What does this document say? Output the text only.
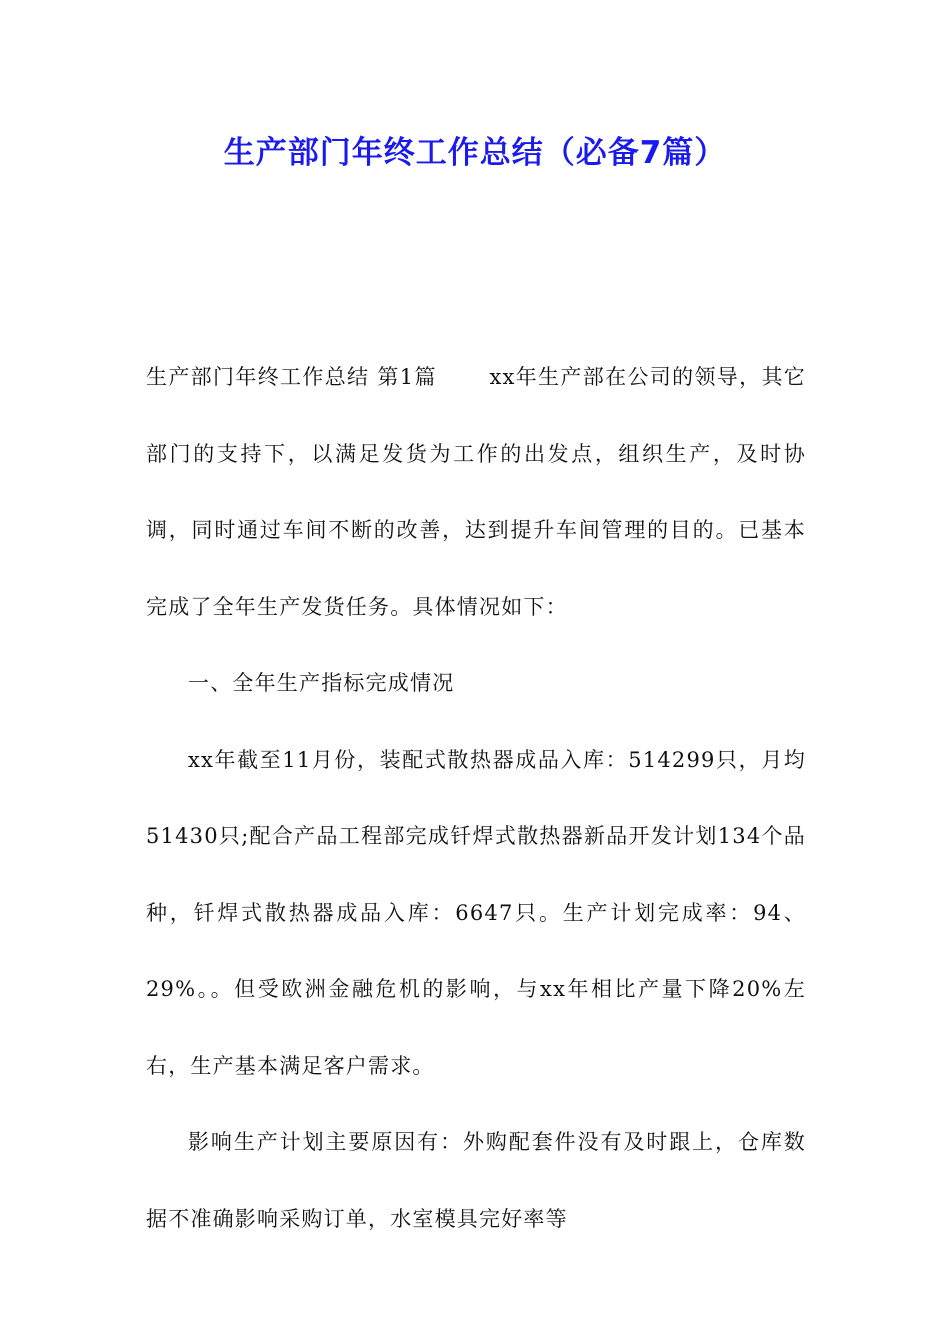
生产部门年终工作总结（必备7篇）

生产部门年终工作总结 第1篇 　　xx年生产部在公司的领导，其它部门的支持下，以满足发货为工作的出发点，组织生产，及时协调，同时通过车间不断的改善，达到提升车间管理的目的。已基本完成了全年生产发货任务。具体情况如下：

一、全年生产指标完成情况

xx年截至11月份，装配式散热器成品入库：514299只，月均51430只;配合产品工程部完成钎焊式散热器新品开发计划134个品种，钎焊式散热器成品入库：6647只。生产计划完成率：94、29%。。但受欧洲金融危机的影响，与xx年相比产量下降20%左右，生产基本满足客户需求。

影响生产计划主要原因有：外购配套件没有及时跟上，仓库数据不准确影响采购订单，水室模具完好率等
